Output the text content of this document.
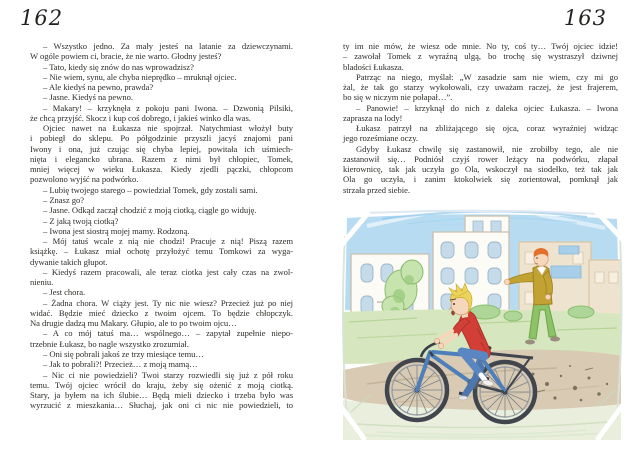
162
– Wszystko jedno. Za mały jesteś na latanie za dziewczynami.
W ogóle powiem ci, bracie, że nie warto. Głodny jesteś?
– Tato, kiedy się znów do nas wprowadzisz?
– Nie wiem, synu, ale chyba nieprędko – mruknął ojciec.
– Ale kiedyś na pewno, prawda?
– Jasne. Kiedyś na pewno.
– Makary! – krzyknęła z pokoju pani Iwona. – Dzwonią Pilsiki,
że chcą przyjść. Skocz i kup coś dobrego, i jakieś winko dla was.
Ojciec nawet na Łukasza nie spojrzał. Natychmiast włożył buty
i pobiegł do sklepu. Po półgodzinie przyszli jacyś znajomi pani
Iwony i ona, już czując się chyba lepiej, powitała ich uśmiech-
nięta i elegancko ubrana. Razem z nimi był chłopiec, Tomek,
mniej więcej w wieku Łukasza. Kiedy zjedli pączki, chłopcom
pozwolono wyjść na podwórko.
– Lubię twojego starego – powiedział Tomek, gdy zostali sami.
– Znasz go?
– Jasne. Odkąd zaczął chodzić z moją ciotką, ciągle go widuję.
– Z jaką twoją ciotką?
– Iwona jest siostrą mojej mamy. Rodzoną.
– Mój tatuś wcale z nią nie chodzi! Pracuje z nią! Piszą razem
książkę. – Łukasz miał ochotę przyłożyć temu Tomkowi za wyga-
dywanie takich głupot.
– Kiedyś razem pracowali, ale teraz ciotka jest cały czas na zwol-
nieniu.
– Jest chora.
– Żadna chora. W ciąży jest. Ty nic nie wiesz? Przecież już po niej
widać. Będzie mieć dziecko z twoim ojcem. To będzie chłopczyk.
Na drugie dadzą mu Makary. Głupio, ale to po twoim ojcu…
– A co mój tatuś ma… wspólnego… – zapytał zupełnie niepo-
trzebnie Łukasz, bo nagle wszystko zrozumiał.
– Oni się pobrali jakoś ze trzy miesiące temu…
– Jak to pobrali?! Przecież… z moją mamą…
– Nic ci nie powiedzieli? Twoi starzy rozwiedli się już z pół roku
temu. Twój ojciec wrócił do kraju, żeby się ożenić z moją ciotką.
Stary, ja byłem na ich ślubie… Będą mieli dziecko i trzeba było was
wyrzucić z mieszkania… Słuchaj, jak oni ci nic nie powiedzieli, to
163
ty im nie mów, że wiesz ode mnie. No ty, coś ty… Twój ojciec idzie!
– zawołał Tomek z wyraźną ulgą, bo trochę się wystraszył dziwnej
bladości Łukasza.
Patrząc na niego, myślał: „W zasadzie sam nie wiem, czy mi go
żal, że tak go starzy wykołowali, czy uważam raczej, że jest frajerem,
bo się w niczym nie połapał…”.
– Panowie! – krzyknął do nich z daleka ojciec Łukasza. – Iwona
zaprasza na lody!
Łukasz patrzył na zbliżającego się ojca, coraz wyraźniej widząc
jego roześmiane oczy.
Gdyby Łukasz chwilę się zastanowił, nie zrobiłby tego, ale nie
zastanowił się… Podniósł czyjś rower leżący na podwórku, złapał
kierownicę, tak jak uczyła go Ola, wskoczył na siodełko, też tak jak
Ola go uczyła, i zanim ktokolwiek się zorientował, pomknął jak
strzała przed siebie.
